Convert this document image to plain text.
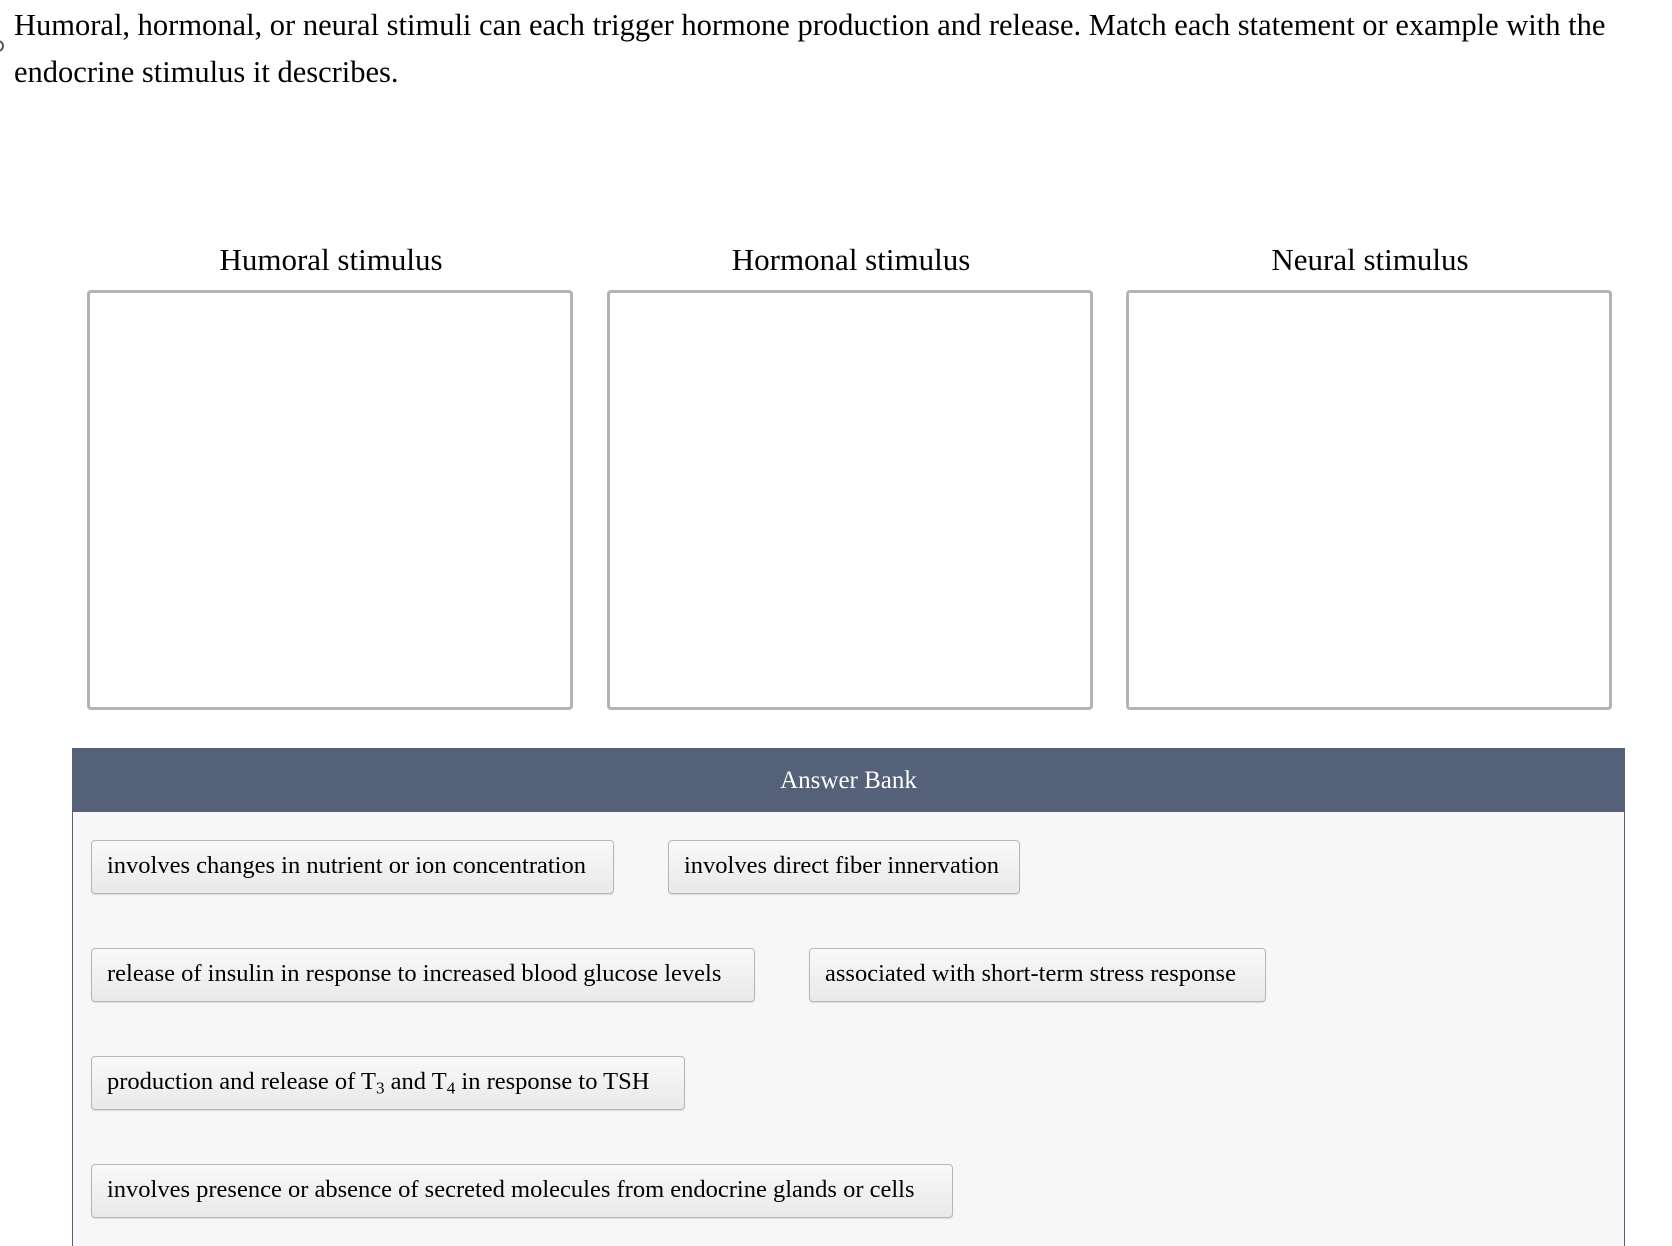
Humoral, hormonal, or neural stimuli can each trigger hormone production and release. Match each statement or example with the endocrine stimulus it describes.

Humoral stimulus	Hormonal stimulus	Neural stimulus
Answer Bank
involves changes in nutrient or ion concentration	involves direct fiber innervation
release of insulin in response to increased blood glucose levels	associated with short-term stress response
production and release of $T_3$ and $T_4$ in response to TSH
involves presence or absence of secreted molecules from endocrine glands or cells
